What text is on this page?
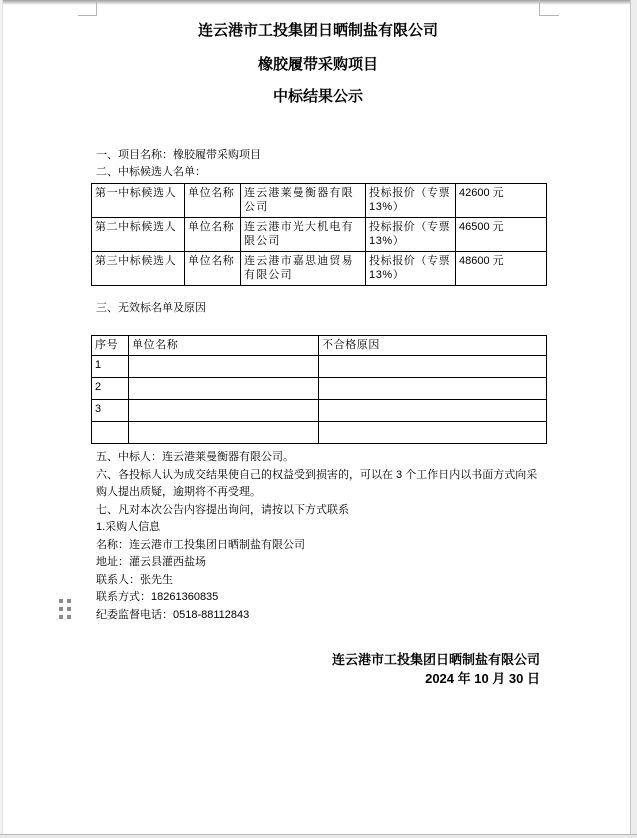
连云港市工投集团日晒制盐有限公司
橡胶履带采购项目
中标结果公示
一、项目名称：橡胶履带采购项目
二、中标候选人名单：
第一中标候选人	单位名称	连云港莱曼衡器有限公司	投标报价（专票13%）	42600 元
第二中标候选人	单位名称	连云港市光大机电有限公司	投标报价（专票13%）	46500 元
第三中标候选人	单位名称	连云港市嘉思迪贸易有限公司	投标报价（专票13%）	48600 元
三、无效标名单及原因
序号	单位名称	不合格原因
1		
2		
3		

五、中标人：连云港莱曼衡器有限公司。

六、各投标人认为成交结果使自己的权益受到损害的，可以在 3 个工作日内以书面方式向采购人提出质疑，逾期将不再受理。

七、凡对本次公告内容提出询问，请按以下方式联系

1.采购人信息

名称：连云港市工投集团日晒制盐有限公司

地址：灌云县灌西盐场

联系人：张先生

联系方式：18261360835

纪委监督电话：0518-88112843

连云港市工投集团日晒制盐有限公司
2024 年 10 月 30 日
